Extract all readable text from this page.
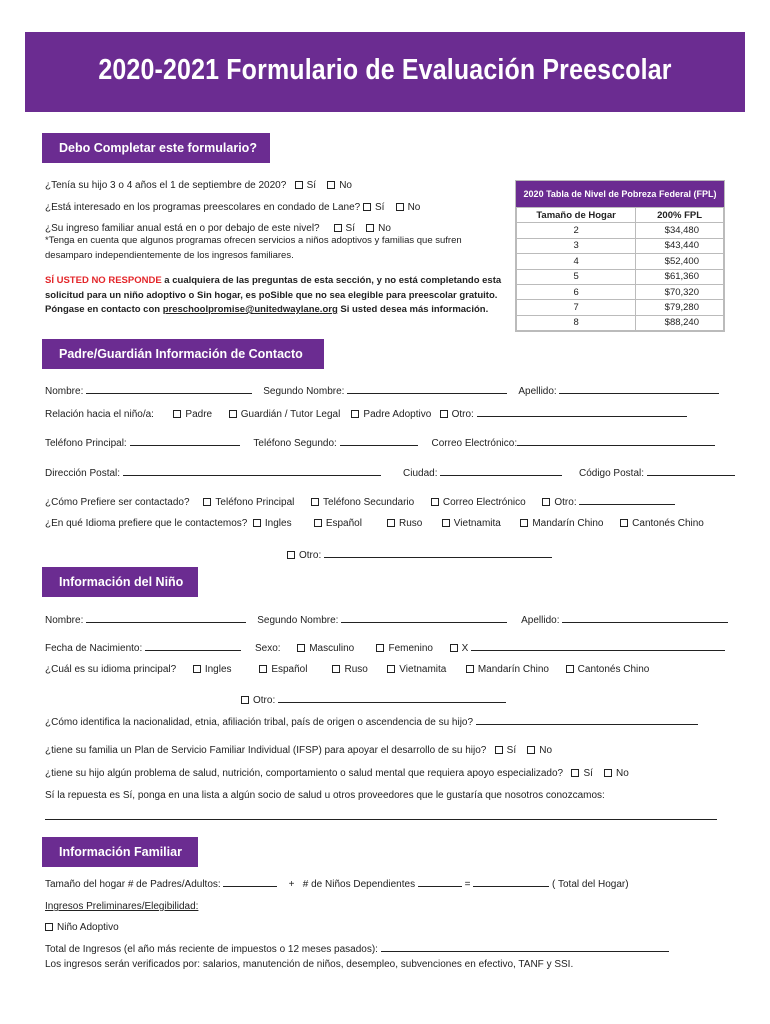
2020-2021 Formulario de Evaluación Preescolar
Debo Completar este formulario?
¿Tenía su hijo 3 o 4 años el 1 de septiembre de 2020? Sí No
¿Está interesado en los programas preescolares en condado de Lane? Sí No
¿Su ingreso familiar anual está en o por debajo de este nivel?	Sí No
*Tenga en cuenta que algunos programas ofrecen servicios a niños adoptivos y familias que sufren
desamparo independientemente de los ingresos familiares.
SÍ USTED NO RESPONDE a cualquiera de las preguntas de esta sección, y no está completando esta
solicitud para un niño adoptivo o Sin hogar, es poSible que no sea elegible para preescolar gratuito.
Póngase en contacto con preschoolpromise@unitedwaylane.org Si usted desea más información.
2020 Tabla de Nivel de Pobreza Federal (FPL)
Tamaño de Hogar	200% FPL
2	$34,480
3	$43,440
4	$52,400
5	$61,360
6	$70,320
7	$79,280
8	$88,240
Padre/Guardián Información de Contacto
Nombre:	Segundo Nombre:	Apellido:
Relación hacia el niño/a:	Padre	Guardián / Tutor Legal Padre Adoptivo Otro:
Teléfono Principal:	Teléfono Segundo:	Correo Electrónico:
Dirección Postal:	Ciudad:	Código Postal:
¿Cómo Prefiere ser contactado?	Teléfono Principal	Teléfono Secundario	Correo Electrónico	Otro:
¿En qué Idioma prefiere que le contactemos? Ingles	Español	Ruso	Vietnamita	Mandarín Chino	Cantonés Chino
Otro:
Información del Niño
Nombre:	Segundo Nombre:	Apellido:
Fecha de Nacimiento:	Sexo:	Masculino	Femenino	X
¿Cuál es su idioma principal?	Ingles	Español	Ruso	Vietnamita	Mandarín Chino	Cantonés Chino
Otro:
¿Cómo identifica la nacionalidad, etnia, afiliación tribal, país de origen o ascendencia de su hijo?
¿tiene su familia un Plan de Servicio Familiar Individual (IFSP) para apoyar el desarrollo de su hijo? Sí No
¿tiene su hijo algún problema de salud, nutrición, comportamiento o salud mental que requiera apoyo especializado? Sí No
Sí la repuesta es Sí, ponga en una lista a algún socio de salud u otros proveedores que le gustaría que nosotros conozcamos:
Información Familiar
Tamaño del hogar # de Padres/Adultos:	+ # de Niños Dependientes	=	( Total del Hogar)
Ingresos Preliminares/Elegibilidad:
Niño Adoptivo
Total de Ingresos (el año más reciente de impuestos o 12 meses pasados):
Los ingresos serán verificados por: salarios, manutención de niños, desempleo, subvenciones en efectivo, TANF y SSI.
